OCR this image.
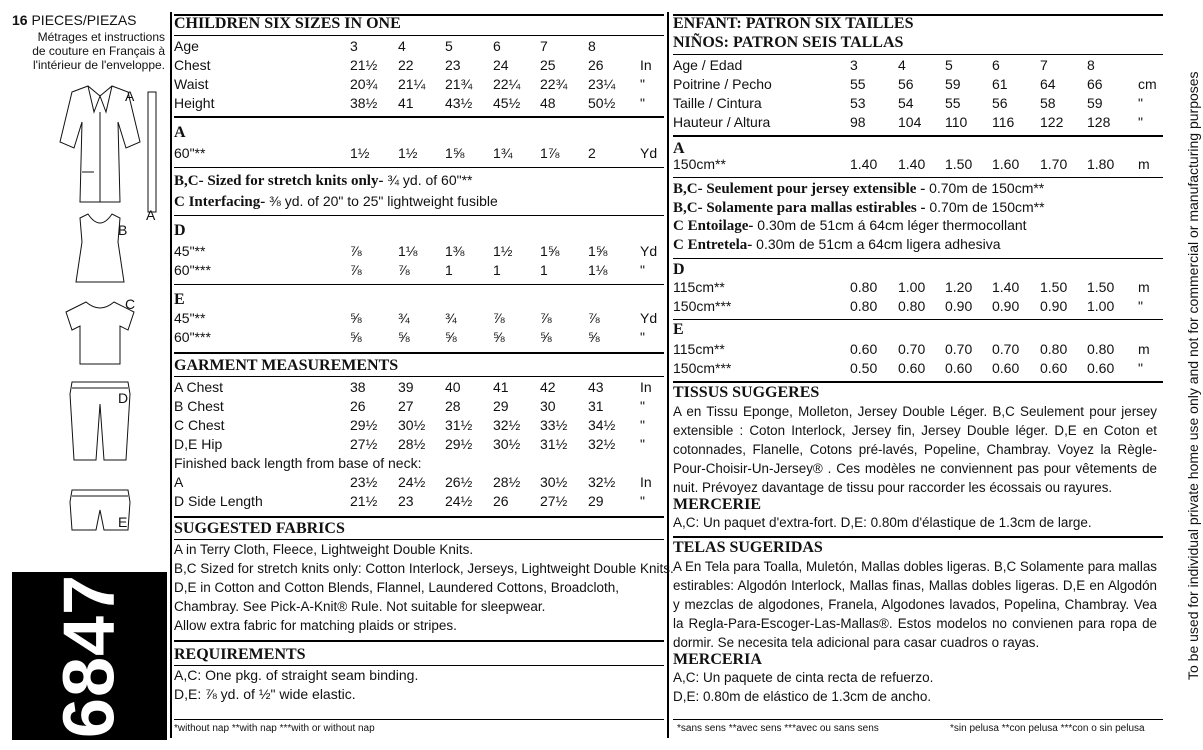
16 PIECES/PIEZAS
Métrages et instructions
de couture en Français à
l'intérieur de l'enveloppe.
A
A
B
C
D
E
6847
CHILDREN SIX SIZES IN ONE
Age	3	4	5	6	7	8
Chest	21½ 22 23 24 25 26	In
Waist	20¾ 21¼ 21¾ 22¼ 22¾ 23¼ "
Height	38½ 41 43½ 45½ 48 50½ "
A
60"**	1½ 1½ 1⅝ 1¾ 1⅞ 2	Yd
B,C- Sized for stretch knits only- ¾ yd. of 60"**
C Interfacing- ⅜ yd. of 20" to 25" lightweight fusible
D
45"**	⅞	1⅛ 1⅜ 1½ 1⅝ 1⅝ Yd
60"***	⅞	⅞	1	1	1	1⅛ "
E
45"**	⅝	¾	¾	⅞	⅞	⅞	Yd
60"***	⅝	⅝	⅝	⅝	⅝	⅝	"
GARMENT MEASUREMENTS
A Chest	38 39 40 41 42 43	In
B Chest	26 27 28 29 30 31	"
C Chest	29½ 30½ 31½ 32½ 33½ 34½ "
D,E Hip	27½ 28½ 29½ 30½ 31½ 32½ "
Finished back length from base of neck:
A	23½ 24½ 26½ 28½ 30½ 32½ In
D Side Length	21½ 23 24½ 26 27½ 29	"
SUGGESTED FABRICS
A in Terry Cloth, Fleece, Lightweight Double Knits.
B,C Sized for stretch knits only: Cotton Interlock, Jerseys, Lightweight Double Knits.
D,E in Cotton and Cotton Blends, Flannel, Laundered Cottons, Broadcloth,
Chambray. See Pick-A-Knit® Rule. Not suitable for sleepwear.
Allow extra fabric for matching plaids or stripes.
REQUIREMENTS
A,C: One pkg. of straight seam binding.
D,E: ⅞ yd. of ½" wide elastic.
*without nap **with nap ***with or without nap
ENFANT: PATRON SIX TAILLES
NIÑOS: PATRON SEIS TALLAS
Age / Edad	3	4	5	6	7	8
Poitrine / Pecho	55 56 59 61 64 66	cm
Taille / Cintura	53 54 55 56 58 59	"
Hauteur / Altura	98 104 110 116 122 128 "
A
150cm**	1.40 1.40 1.50 1.60 1.70 1.80 m
B,C- Seulement pour jersey extensible - 0.70m de 150cm**
B,C- Solamente para mallas estirables - 0.70m de 150cm**
C Entoilage- 0.30m de 51cm á 64cm léger thermocollant
C Entretela- 0.30m de 51cm a 64cm ligera adhesiva
D
115cm**	0.80 1.00 1.20 1.40 1.50 1.50 m
150cm***	0.80 0.80 0.90 0.90 0.90 1.00 "
E
115cm**	0.60 0.70 0.70 0.70 0.80 0.80 m
150cm***	0.50 0.60 0.60 0.60 0.60 0.60 "
TISSUS SUGGERES
A en Tissu Eponge, Molleton, Jersey Double Léger. B,C Seulement pour jersey extensible : Coton Interlock, Jersey fin, Jersey Double léger. D,E en Coton et cotonnades, Flanelle, Cotons pré-lavés, Popeline, Chambray. Voyez la Règle-Pour-Choisir-Un-Jersey® . Ces modèles ne conviennent pas pour vêtements de nuit. Prévoyez davantage de tissu pour raccorder les écossais ou rayures.
MERCERIE
A,C: Un paquet d'extra-fort. D,E: 0.80m d'élastique de 1.3cm de large.
TELAS SUGERIDAS
A En Tela para Toalla, Muletón, Mallas dobles ligeras. B,C Solamente para mallas estirables: Algodón Interlock, Mallas finas, Mallas dobles ligeras. D,E en Algodón y mezclas de algodones, Franela, Algodones lavados, Popelina, Chambray. Vea la Regla-Para-Escoger-Las-Mallas®. Estos modelos no convienen para ropa de dormir. Se necesita tela adicional para casar cuadros o rayas.
MERCERIA
A,C: Un paquete de cinta recta de refuerzo.
D,E: 0.80m de elástico de 1.3cm de ancho.
*sans sens **avec sens ***avec ou sans sens	*sin pelusa **con pelusa ***con o sin pelusa
To be used for individual private home use only and not for commercial or manufacturing purposes
